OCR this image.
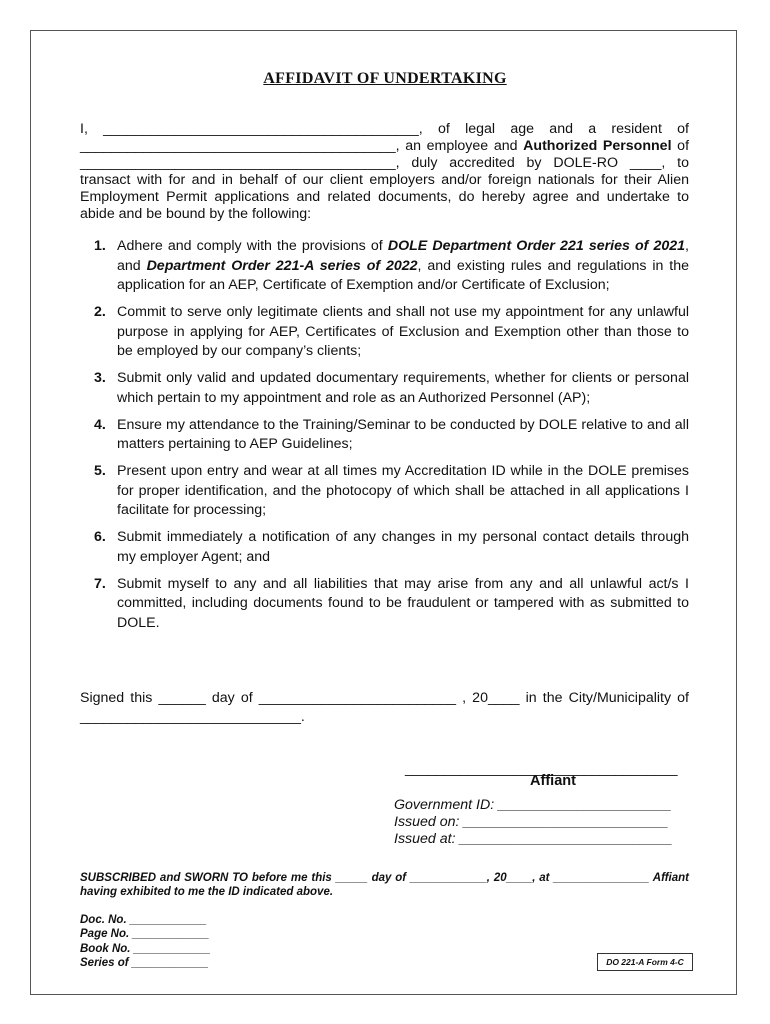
AFFIDAVIT OF UNDERTAKING
I, ________________________________________, of legal age and a resident of ________________________________________, an employee and Authorized Personnel of ________________________________________, duly accredited by DOLE-RO ____, to transact with for and in behalf of our client employers and/or foreign nationals for their Alien Employment Permit applications and related documents, do hereby agree and undertake to abide and be bound by the following:
1. Adhere and comply with the provisions of DOLE Department Order 221 series of 2021, and Department Order 221-A series of 2022, and existing rules and regulations in the application for an AEP, Certificate of Exemption and/or Certificate of Exclusion;
2. Commit to serve only legitimate clients and shall not use my appointment for any unlawful purpose in applying for AEP, Certificates of Exclusion and Exemption other than those to be employed by our company’s clients;
3. Submit only valid and updated documentary requirements, whether for clients or personal which pertain to my appointment and role as an Authorized Personnel (AP);
4. Ensure my attendance to the Training/Seminar to be conducted by DOLE relative to and all matters pertaining to AEP Guidelines;
5. Present upon entry and wear at all times my Accreditation ID while in the DOLE premises for proper identification, and the photocopy of which shall be attached in all applications I facilitate for processing;
6. Submit immediately a notification of any changes in my personal contact details through my employer Agent; and
7. Submit myself to any and all liabilities that may arise from any and all unlawful act/s I committed, including documents found to be fraudulent or tampered with as submitted to DOLE.
Signed this ______ day of _________________________ , 20____ in the City/Municipality of ____________________________.
___________________________________
Affiant
Government ID: ______________________
Issued on: __________________________
Issued at: ___________________________
SUBSCRIBED and SWORN TO before me this _____ day of ____________, 20____, at _______________ Affiant having exhibited to me the ID indicated above.
Doc. No. ____________
Page No. ____________
Book No. ____________
Series of ____________	DO 221-A Form 4-C
